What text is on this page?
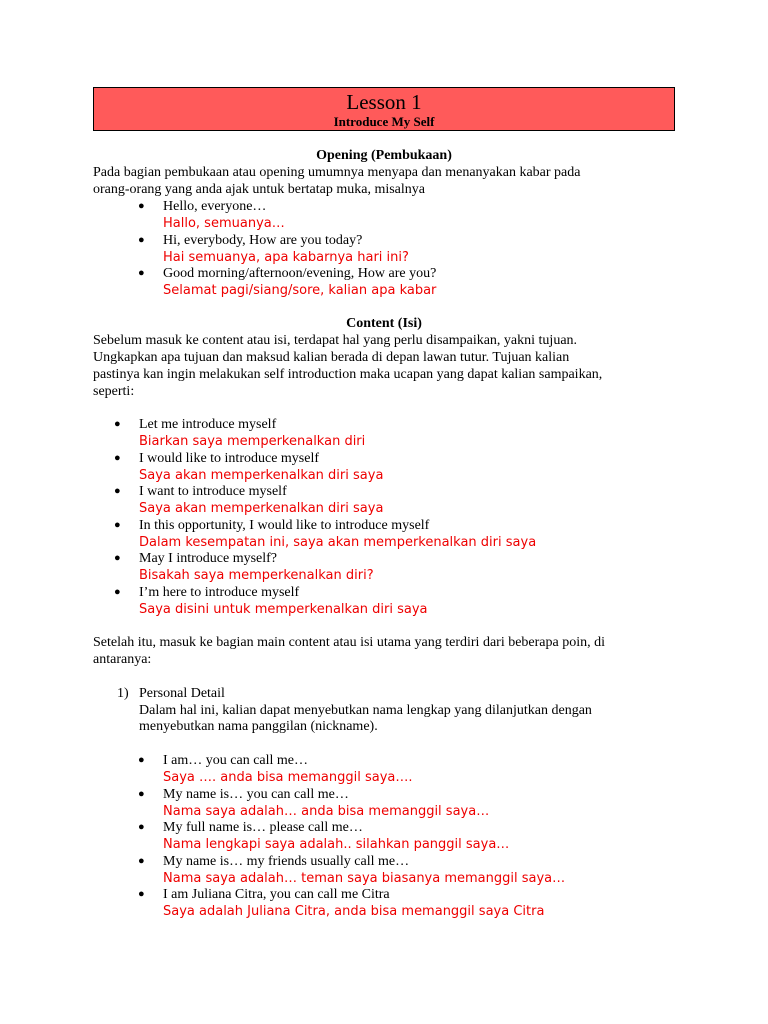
Lesson 1
Introduce My Self
Opening (Pembukaan)
Pada bagian pembukaan atau opening umumnya menyapa dan menanyakan kabar pada
orang-orang yang anda ajak untuk bertatap muka, misalnya
● Hello, everyone…
Hallo, semuanya…
● Hi, everybody, How are you today?
Hai semuanya, apa kabarnya hari ini?
● Good morning/afternoon/evening, How are you?
Selamat pagi/siang/sore, kalian apa kabar
Content (Isi)
Sebelum masuk ke content atau isi, terdapat hal yang perlu disampaikan, yakni tujuan.
Ungkapkan apa tujuan dan maksud kalian berada di depan lawan tutur. Tujuan kalian
pastinya kan ingin melakukan self introduction maka ucapan yang dapat kalian sampaikan,
seperti:
● Let me introduce myself
Biarkan saya memperkenalkan diri
● I would like to introduce myself
Saya akan memperkenalkan diri saya
● I want to introduce myself
Saya akan memperkenalkan diri saya
● In this opportunity, I would like to introduce myself
Dalam kesempatan ini, saya akan memperkenalkan diri saya
● May I introduce myself?
Bisakah saya memperkenalkan diri?
● I’m here to introduce myself
Saya disini untuk memperkenalkan diri saya
Setelah itu, masuk ke bagian main content atau isi utama yang terdiri dari beberapa poin, di
antaranya:
1) Personal Detail
Dalam hal ini, kalian dapat menyebutkan nama lengkap yang dilanjutkan dengan
menyebutkan nama panggilan (nickname).
● I am… you can call me…
Saya …. anda bisa memanggil saya….
● My name is… you can call me…
Nama saya adalah… anda bisa memanggil saya…
● My full name is… please call me…
Nama lengkapi saya adalah.. silahkan panggil saya…
● My name is… my friends usually call me…
Nama saya adalah… teman saya biasanya memanggil saya…
● I am Juliana Citra, you can call me Citra
Saya adalah Juliana Citra, anda bisa memanggil saya Citra
